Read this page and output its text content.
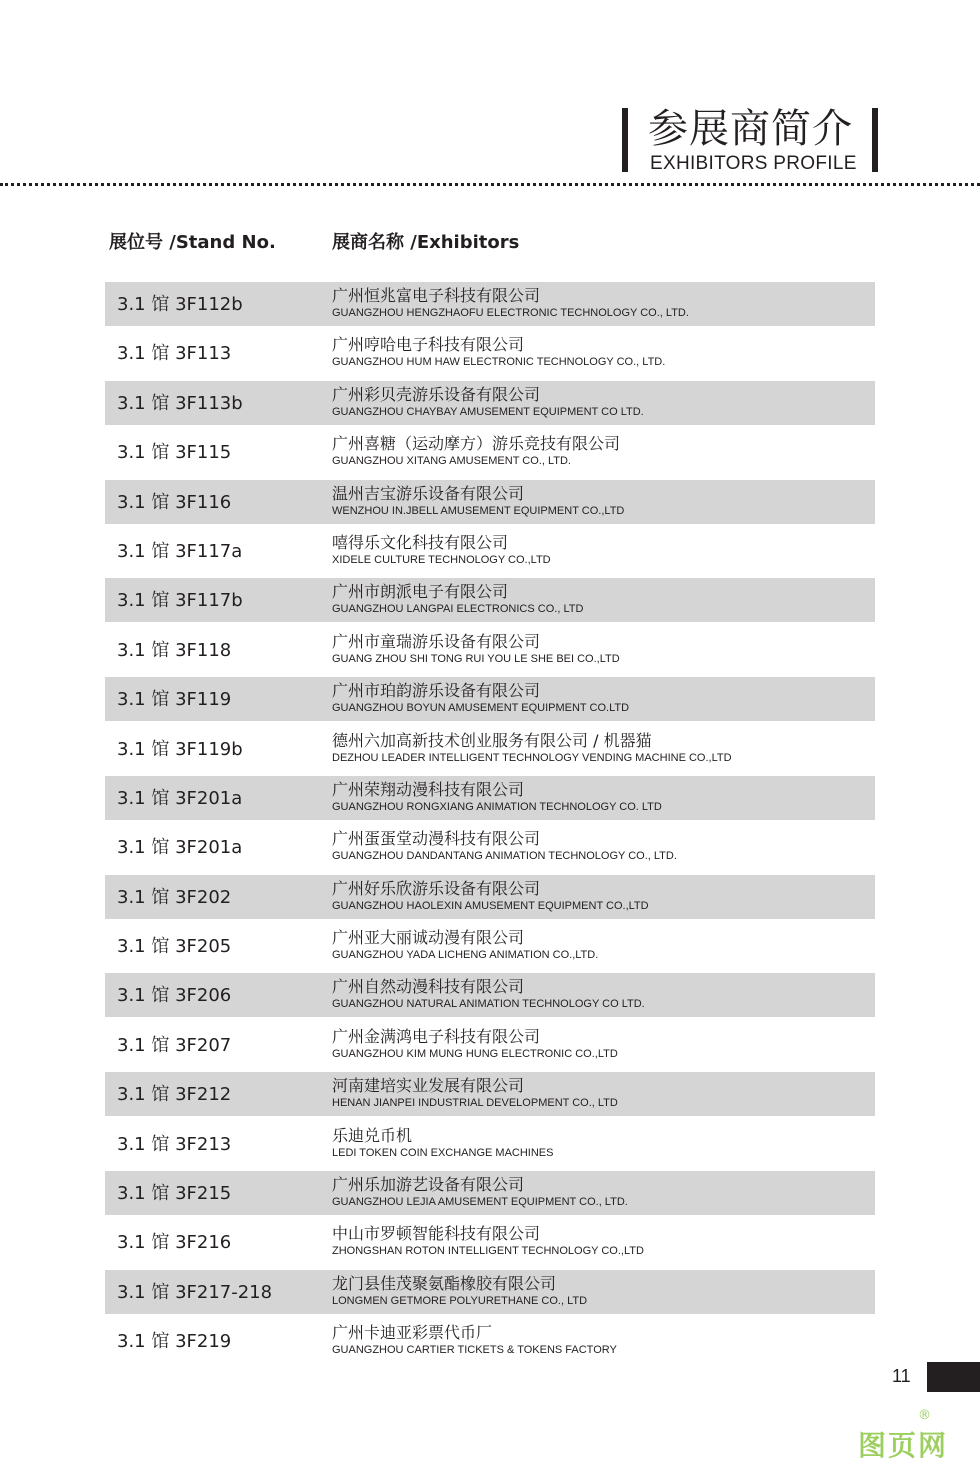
参展商简介
EXHIBITORS PROFILE
展位号 /Stand No.	展商名称 /Exhibitors
3.1 馆 3F112b	广州恒兆富电子科技有限公司
GUANGZHOU HENGZHAOFU ELECTRONIC TECHNOLOGY CO., LTD.
3.1 馆 3F113	广州哼哈电子科技有限公司
GUANGZHOU HUM HAW ELECTRONIC TECHNOLOGY CO., LTD.
3.1 馆 3F113b	广州彩贝壳游乐设备有限公司
GUANGZHOU CHAYBAY AMUSEMENT EQUIPMENT CO LTD.
3.1 馆 3F115	广州喜糖（运动摩方）游乐竞技有限公司
GUANGZHOU XITANG AMUSEMENT CO., LTD.
3.1 馆 3F116	温州吉宝游乐设备有限公司
WENZHOU IN.JBELL AMUSEMENT EQUIPMENT CO.,LTD
3.1 馆 3F117a	嘻得乐文化科技有限公司
XIDELE CULTURE TECHNOLOGY CO.,LTD
3.1 馆 3F117b	广州市朗派电子有限公司
GUANGZHOU LANGPAI ELECTRONICS CO., LTD
3.1 馆 3F118	广州市童瑞游乐设备有限公司
GUANG ZHOU SHI TONG RUI YOU LE SHE BEI CO.,LTD
3.1 馆 3F119	广州市珀韵游乐设备有限公司
GUANGZHOU BOYUN AMUSEMENT EQUIPMENT CO.LTD
3.1 馆 3F119b	德州六加高新技术创业服务有限公司 / 机器猫
DEZHOU LEADER INTELLIGENT TECHNOLOGY VENDING MACHINE CO.,LTD
3.1 馆 3F201a	广州荣翔动漫科技有限公司
GUANGZHOU RONGXIANG ANIMATION TECHNOLOGY CO. LTD
3.1 馆 3F201a	广州蛋蛋堂动漫科技有限公司
GUANGZHOU DANDANTANG ANIMATION TECHNOLOGY CO., LTD.
3.1 馆 3F202	广州好乐欣游乐设备有限公司
GUANGZHOU HAOLEXIN AMUSEMENT EQUIPMENT CO.,LTD
3.1 馆 3F205	广州亚大丽诚动漫有限公司
GUANGZHOU YADA LICHENG ANIMATION CO.,LTD.
3.1 馆 3F206	广州自然动漫科技有限公司
GUANGZHOU NATURAL ANIMATION TECHNOLOGY CO LTD.
3.1 馆 3F207	广州金满鸿电子科技有限公司
GUANGZHOU KIM MUNG HUNG ELECTRONIC CO.,LTD
3.1 馆 3F212	河南建培实业发展有限公司
HENAN JIANPEI INDUSTRIAL DEVELOPMENT CO., LTD
3.1 馆 3F213	乐迪兑币机
LEDI TOKEN COIN EXCHANGE MACHINES
3.1 馆 3F215	广州乐加游艺设备有限公司
GUANGZHOU LEJIA AMUSEMENT EQUIPMENT CO., LTD.
3.1 馆 3F216	中山市罗顿智能科技有限公司
ZHONGSHAN ROTON INTELLIGENT TECHNOLOGY CO.,LTD
3.1 馆 3F217-218	龙门县佳茂聚氨酯橡胶有限公司
LONGMEN GETMORE POLYURETHANE CO., LTD
3.1 馆 3F219	广州卡迪亚彩票代币厂
GUANGZHOU CARTIER TICKETS & TOKENS FACTORY
11
图页网
®
